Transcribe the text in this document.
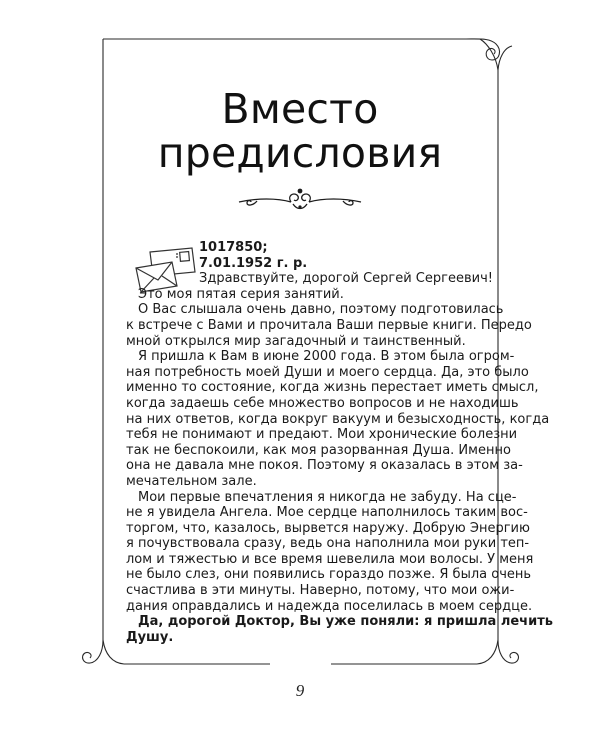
Вместо
предисловия
1017850;
7.01.1952 г. р.
Здравствуйте, дорогой Сергей Сергеевич!
Это моя пятая серия занятий.
О Вас слышала очень давно, поэтому подготовилась
к встрече с Вами и прочитала Ваши первые книги. Передо
мной открылся мир загадочный и таинственный.
Я пришла к Вам в июне 2000 года. В этом была огром-
ная потребность моей Души и моего сердца. Да, это было
именно то состояние, когда жизнь перестает иметь смысл,
когда задаешь себе множество вопросов и не находишь
на них ответов, когда вокруг вакуум и безысходность, когда
тебя не понимают и предают. Мои хронические болезни
так не беспокоили, как моя разорванная Душа. Именно
она не давала мне покоя. Поэтому я оказалась в этом за-
мечательном зале.
Мои первые впечатления я никогда не забуду. На сце-
не я увидела Ангела. Мое сердце наполнилось таким вос-
торгом, что, казалось, вырвется наружу. Добрую Энергию
я почувствовала сразу, ведь она наполнила мои руки теп-
лом и тяжестью и все время шевелила мои волосы. У меня
не было слез, они появились гораздо позже. Я была очень
счастлива в эти минуты. Наверно, потому, что мои ожи-
дания оправдались и надежда поселилась в моем сердце.
Да, дорогой Доктор, Вы уже поняли: я пришла лечить
Душу.
9
